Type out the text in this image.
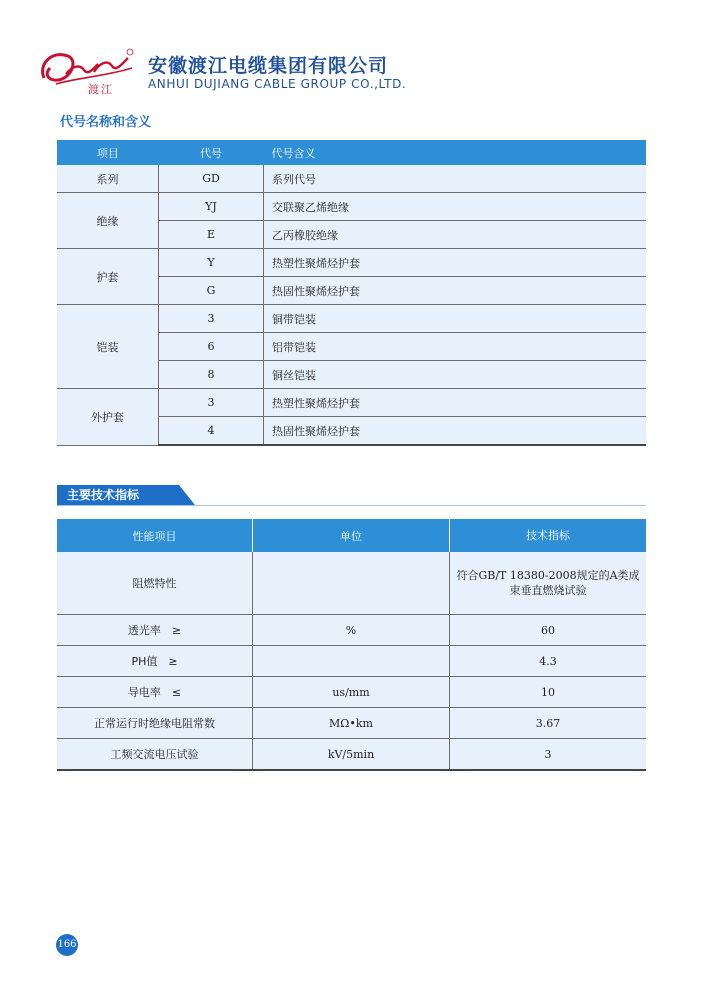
渡江
安徽渡江电缆集团有限公司
ANHUI DUJIANG CABLE GROUP CO.,LTD.
代号名称和含义
项目	代号	代号含义
系列	GD	系列代号
绝缘	YJ	交联聚乙烯绝缘
	E	乙丙橡胶绝缘
护套	Y	热塑性聚烯烃护套
	G	热固性聚烯烃护套
铠装	3	铜带铠装
	6	铝带铠装
	8	铜丝铠装
外护套	3	热塑性聚烯烃护套
	4	热固性聚烯烃护套
主要技术指标
性能项目	单位	技术指标
阻燃特性		符合GB/T 18380-2008规定的A类成束垂直燃烧试验
透光率　≥	%	60
PH值　≥		4.3
导电率　≤	us/mm	10
正常运行时绝缘电阻常数	MΩ•km	3.67
工频交流电压试验	kV/5min	3
166
